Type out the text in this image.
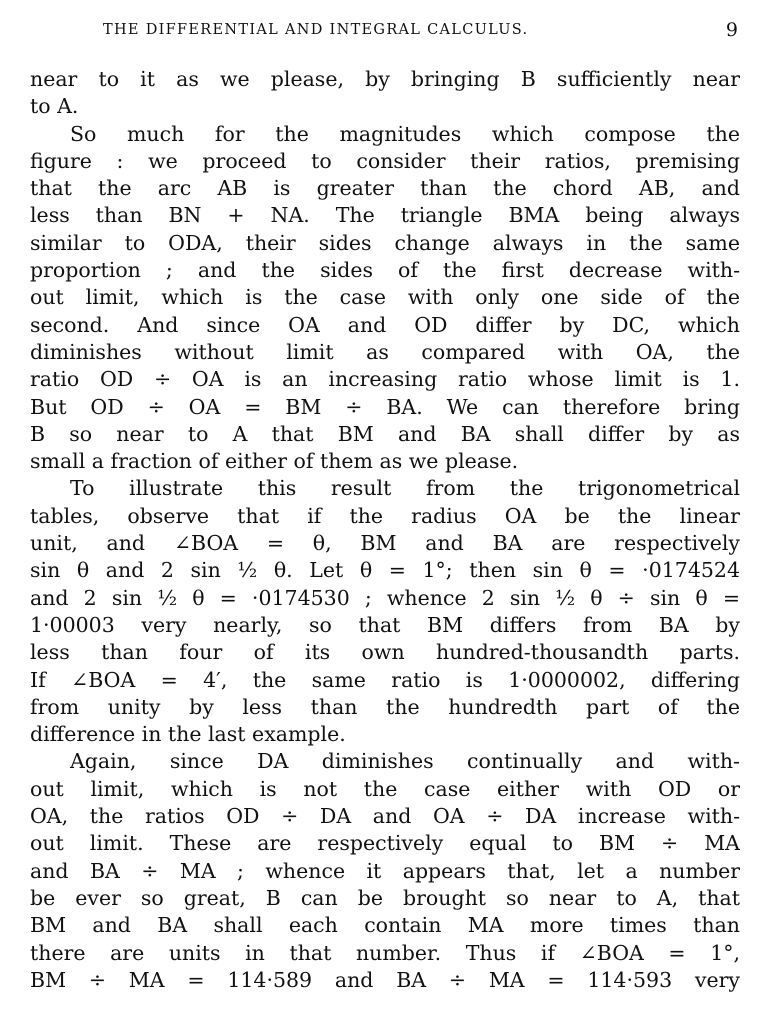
THE DIFFERENTIAL AND INTEGRAL CALCULUS.	9
near to it as we please, by bringing B sufficiently near
to A.
So much for the magnitudes which compose the
figure : we proceed to consider their ratios, premising
that the arc AB is greater than the chord AB, and
less than BN + NA. The triangle BMA being always
similar to ODA, their sides change always in the same
proportion ; and the sides of the first decrease with-
out limit, which is the case with only one side of the
second. And since OA and OD differ by DC, which
diminishes without limit as compared with OA, the
ratio OD ÷ OA is an increasing ratio whose limit is 1.
But OD ÷ OA = BM ÷ BA. We can therefore bring
B so near to A that BM and BA shall differ by as
small a fraction of either of them as we please.
To illustrate this result from the trigonometrical
tables, observe that if the radius OA be the linear
unit, and ∠BOA = θ, BM and BA are respectively
sin θ and 2 sin ½ θ. Let θ = 1°; then sin θ = ·0174524
and 2 sin ½ θ = ·0174530 ; whence 2 sin ½ θ ÷ sin θ =
1·00003 very nearly, so that BM differs from BA by
less than four of its own hundred-thousandth parts.
If ∠BOA = 4′, the same ratio is 1·0000002, differing
from unity by less than the hundredth part of the
difference in the last example.
Again, since DA diminishes continually and with-
out limit, which is not the case either with OD or
OA, the ratios OD ÷ DA and OA ÷ DA increase with-
out limit. These are respectively equal to BM ÷ MA
and BA ÷ MA ; whence it appears that, let a number
be ever so great, B can be brought so near to A, that
BM and BA shall each contain MA more times than
there are units in that number. Thus if ∠BOA = 1°,
BM ÷ MA = 114·589 and BA ÷ MA = 114·593 very
